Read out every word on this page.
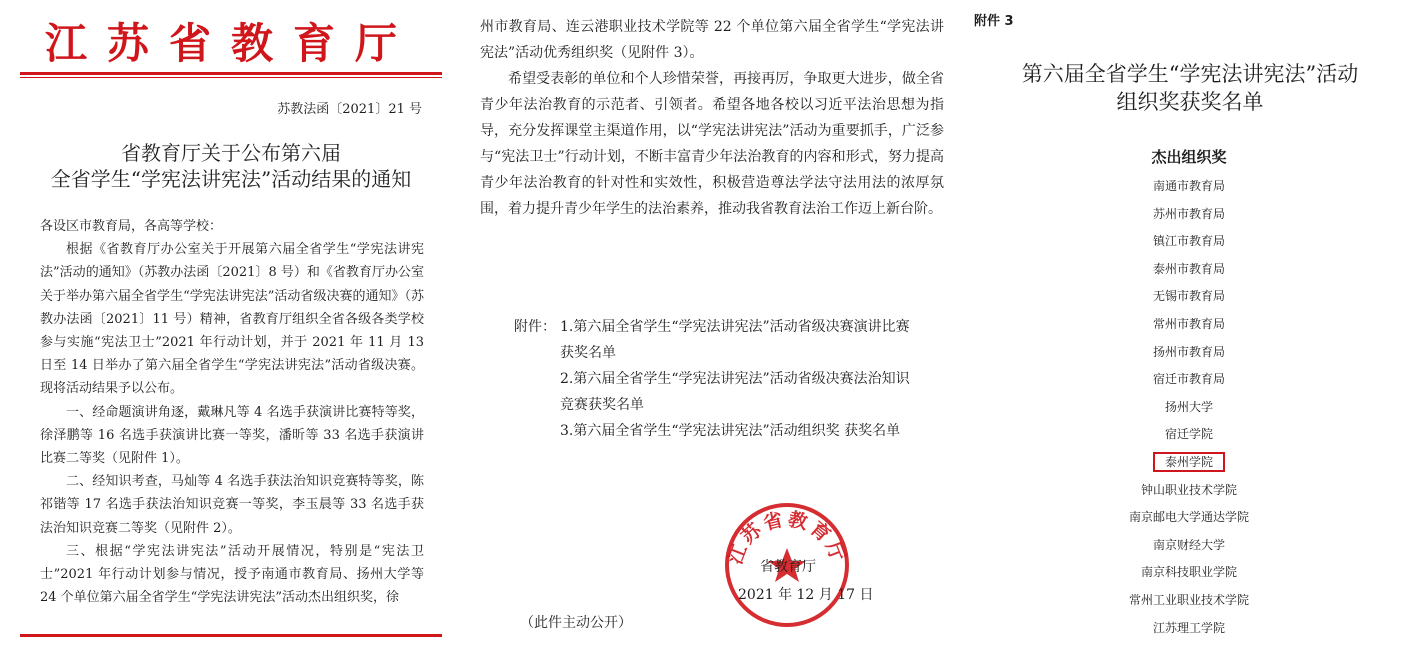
江苏省教育厅
苏教法函〔2021〕21 号
省教育厅关于公布第六届
全省学生“学宪法讲宪法”活动结果的通知

各设区市教育局，各高等学校：

根据《省教育厅办公室关于开展第六届全省学生“学宪法讲宪法”活动的通知》（苏教办法函〔2021〕8 号）和《省教育厅办公室关于举办第六届全省学生“学宪法讲宪法”活动省级决赛的通知》（苏教办法函〔2021〕11 号）精神，省教育厅组织全省各级各类学校参与实施“宪法卫士”2021 年行动计划，并于 2021 年 11 月 13 日至 14 日举办了第六届全省学生“学宪法讲宪法”活动省级决赛。现将活动结果予以公布。

一、经命题演讲角逐，戴琳凡等 4 名选手获演讲比赛特等奖，徐泽鹏等 16 名选手获演讲比赛一等奖，潘昕等 33 名选手获演讲比赛二等奖（见附件 1）。

二、经知识考查，马灿等 4 名选手获法治知识竞赛特等奖，陈祁锴等 17 名选手获法治知识竞赛一等奖，李玉晨等 33 名选手获法治知识竞赛二等奖（见附件 2）。

三、根据“学宪法讲宪法”活动开展情况，特别是“宪法卫士”2021 年行动计划参与情况，授予南通市教育局、扬州大学等 24 个单位第六届全省学生“学宪法讲宪法”活动杰出组织奖，徐

州市教育局、连云港职业技术学院等 22 个单位第六届全省学生“学宪法讲宪法”活动优秀组织奖（见附件 3）。

希望受表彰的单位和个人珍惜荣誉，再接再厉，争取更大进步，做全省青少年法治教育的示范者、引领者。希望各地各校以习近平法治思想为指导，充分发挥课堂主渠道作用，以“学宪法讲宪法”活动为重要抓手，广泛参与“宪法卫士”行动计划，不断丰富青少年法治教育的内容和形式，努力提高青少年法治教育的针对性和实效性，积极营造尊法学法守法用法的浓厚氛围，着力提升青少年学生的法治素养，推动我省教育法治工作迈上新台阶。

附件： 1.第六届全省学生“学宪法讲宪法”活动省级决赛演讲比赛获奖名单
2.第六届全省学生“学宪法讲宪法”活动省级决赛法治知识竞赛获奖名单
3.第六届全省学生“学宪法讲宪法”活动组织奖 获奖名单
江苏省教育厅
省教育厅
2021 年 12 月 17 日
（此件主动公开）
附件 3
第六届全省学生“学宪法讲宪法”活动
组织奖获奖名单
杰出组织奖
南通市教育局
苏州市教育局
镇江市教育局
泰州市教育局
无锡市教育局
常州市教育局
扬州市教育局
宿迁市教育局
扬州大学
宿迁学院
泰州学院
钟山职业技术学院
南京邮电大学通达学院
南京财经大学
南京科技职业学院
常州工业职业技术学院
江苏理工学院
